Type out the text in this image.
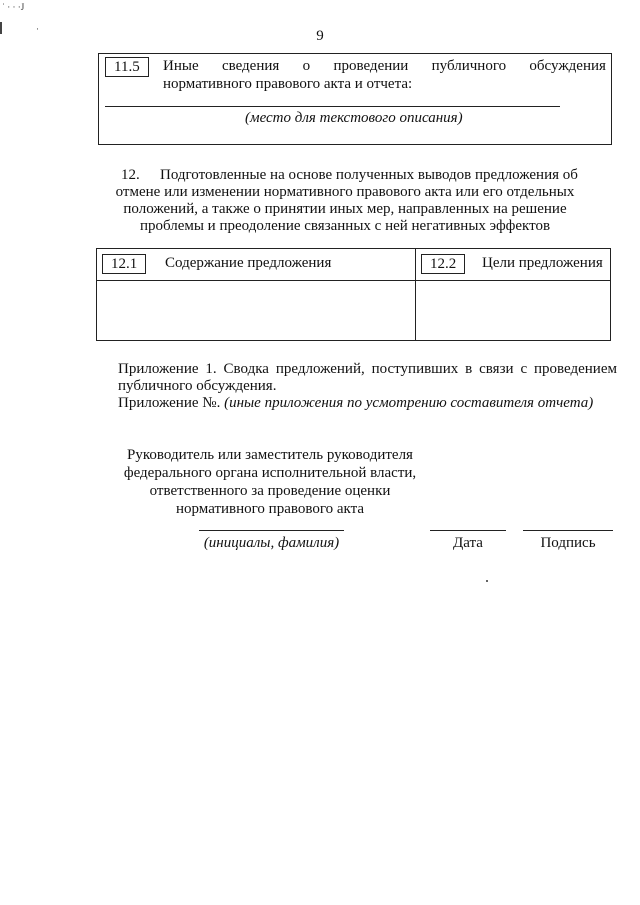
˙ · · ·J
·	9
11.5	Иные сведения о проведении публичного обсуждения
нормативного правового акта и отчета:
(место для текстового описания)
12. Подготовленные на основе полученных выводов предложения об
отмене или изменении нормативного правового акта или его отдельных
положений, а также о принятии иных мер, направленных на решение
проблемы и преодоление связанных с ней негативных эффектов
12.1	Содержание предложения	12.2	Цели предложения
Приложение 1. Сводка предложений, поступивших в связи с проведением
публичного обсуждения.
Приложение №. (иные приложения по усмотрению составителя отчета)
Руководитель или заместитель руководителя
федерального органа исполнительной власти,
ответственного за проведение оценки
нормативного правового акта
(инициалы, фамилия)	Дата	Подпись
